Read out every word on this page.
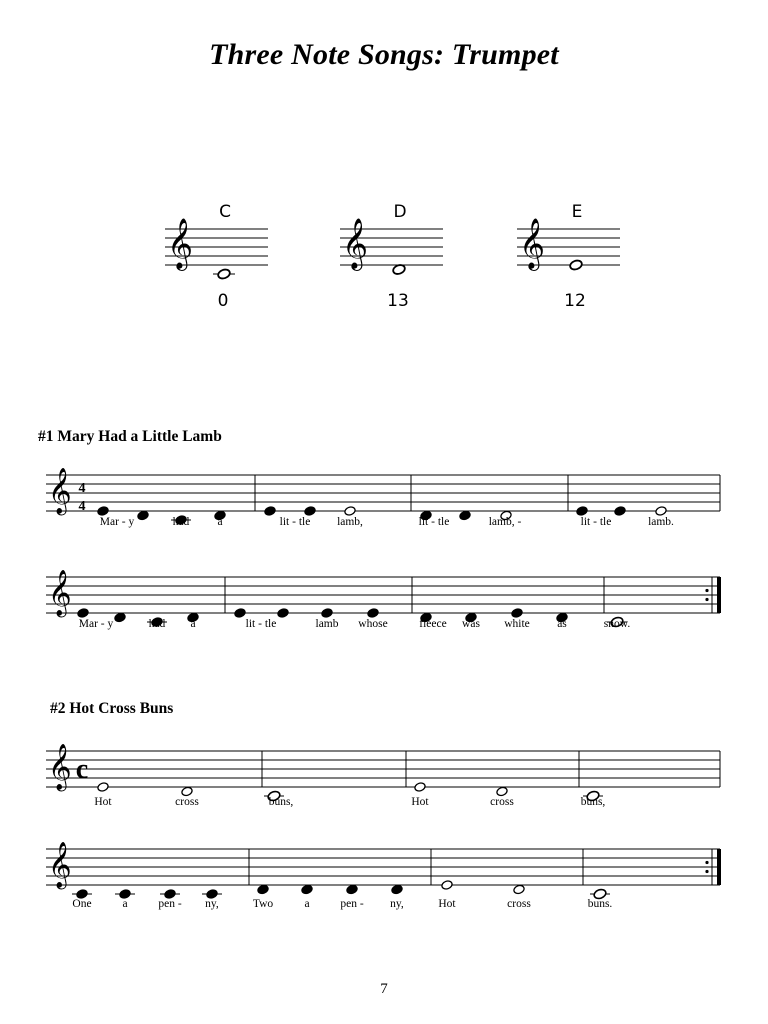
Three Note Songs: Trumpet
𝄞
C
0
𝄞
D
13
𝄞
E
12
𝄞 4
4
Mar - y	had a	lit - tle lamb,	lit - tle	lamb, -	lit - tle	lamb.
𝄞
Mar - y	had a	lit - tle	lamb whose	fleece was white as	snow.
𝄞 c
Hot	cross	buns,	Hot	cross	buns,
𝄞
One	a	pen - ny,	Two	a	pen - ny,	Hot	cross	buns.
#1 Mary Had a Little Lamb
#2 Hot Cross Buns
7
